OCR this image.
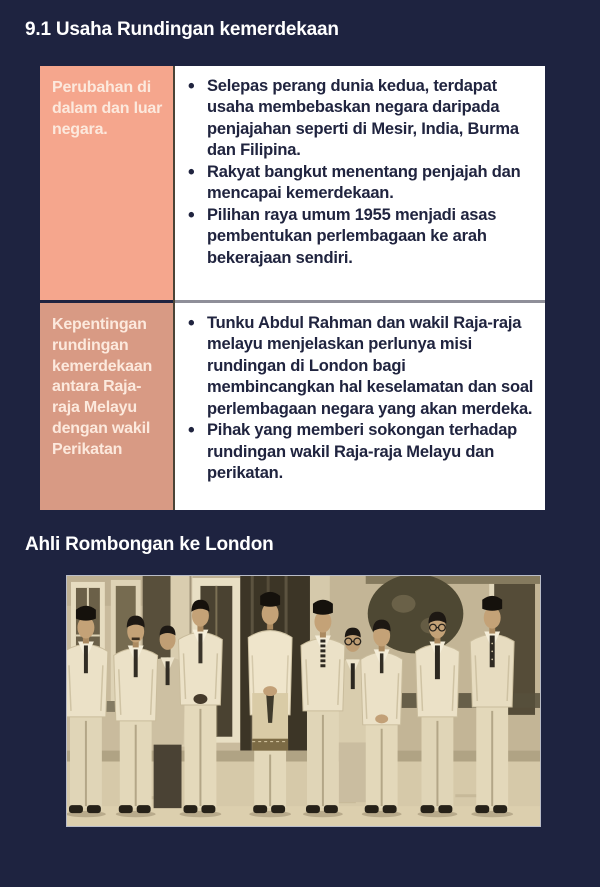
9.1 Usaha Rundingan kemerdekaan
Perubahan di dalam dan luar negara.
• Selepas perang dunia kedua, terdapat usaha membebaskan negara daripada penjajahan seperti di Mesir, India, Burma dan Filipina.
• Rakyat bangkut menentang penjajah dan mencapai kemerdekaan.
• Pilihan raya umum 1955 menjadi asas pembentukan perlembagaan ke arah bekerajaan sendiri.
Kepentingan rundingan kemerdekaan antara Raja-raja Melayu dengan wakil Perikatan
• Tunku Abdul Rahman dan wakil Raja-raja melayu menjelaskan perlunya misi rundingan di London bagi membincangkan hal keselamatan dan soal perlembagaan negara yang akan merdeka.
• Pihak yang memberi sokongan terhadap rundingan wakil Raja-raja Melayu dan perikatan.
Ahli Rombongan ke London
